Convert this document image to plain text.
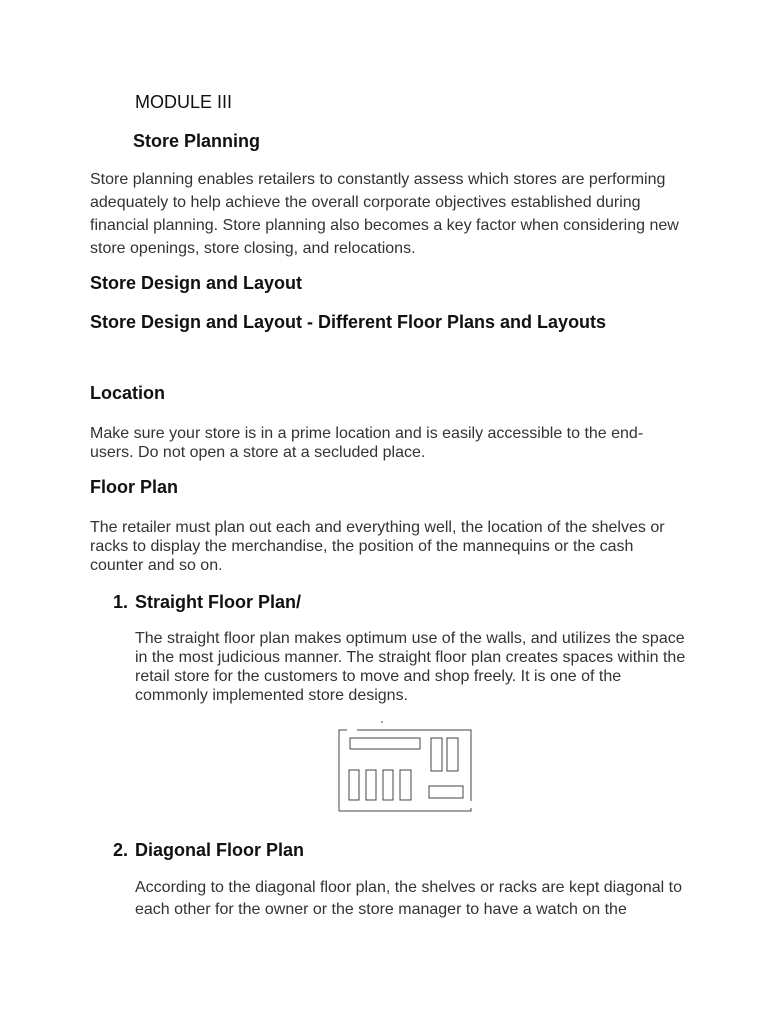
MODULE III

Store Planning

Store planning enables retailers to constantly assess which stores are performing adequately to help achieve the overall corporate objectives established during financial planning. Store planning also becomes a key factor when considering new store openings, store closing, and relocations.

Store Design and Layout

Store Design and Layout - Different Floor Plans and Layouts

Location

Make sure your store is in a prime location and is easily accessible to the end-users. Do not open a store at a secluded place.

Floor Plan

The retailer must plan out each and everything well, the location of the shelves or racks to display the merchandise, the position of the mannequins or the cash counter and so on.

1. Straight Floor Plan/

The straight floor plan makes optimum use of the walls, and utilizes the space in the most judicious manner. The straight floor plan creates spaces within the retail store for the customers to move and shop freely. It is one of the commonly implemented store designs.

2. Diagonal Floor Plan

According to the diagonal floor plan, the shelves or racks are kept diagonal to each other for the owner or the store manager to have a watch on the
